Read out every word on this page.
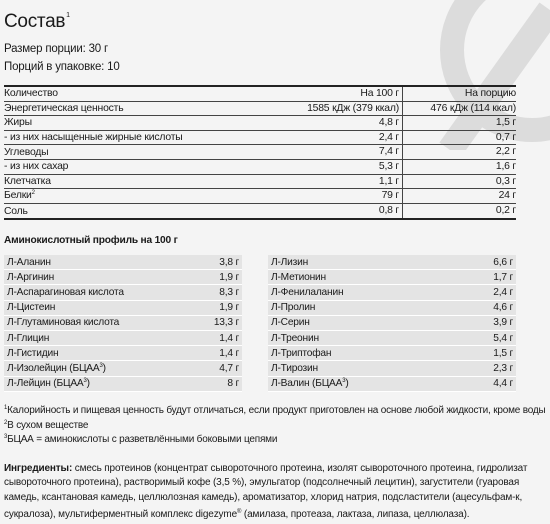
Состав$^1$
Размер порции: 30 г
Порций в упаковке: 10
Количество	На 100 г	На порцию
Энергетическая ценность	1585 кДж (379 ккал)	476 кДж (114 ккал)
Жиры	4,8 г	1,5 г
- из них насыщенные жирные кислоты	2,4 г	0,7 г
Углеводы	7,4 г	2,2 г
- из них сахар	5,3 г	1,6 г
Клетчатка	1,1 г	0,3 г
Белки$^2$	79 г	24 г
Соль	0,8 г	0,2 г
Аминокислотный профиль на 100 г
Л-Аланин	3,8 г
Л-Аргинин	1,9 г
Л-Аспарагиновая кислота	8,3 г
Л-Цистеин	1,9 г
Л-Глутаминовая кислота	13,3 г
Л-Глицин	1,4 г
Л-Гистидин	1,4 г
Л-Изолейцин (БЦАА$^3$)	4,7 г
Л-Лейцин (БЦАА$^3$)	8 г
Л-Лизин	6,6 г
Л-Метионин	1,7 г
Л-Фенилаланин	2,4 г
Л-Пролин	4,6 г
Л-Серин	3,9 г
Л-Треонин	5,4 г
Л-Триптофан	1,5 г
Л-Тирозин	2,3 г
Л-Валин (БЦАА$^3$)	4,4 г
$^1$Калорийность и пищевая ценность будут отличаться, если продукт приготовлен на основе любой жидкости, кроме воды
$^2$В сухом веществе
$^3$БЦАА = аминокислоты с разветвлёнными боковыми цепями
Ингредиенты: смесь протеинов (концентрат сывороточного протеина, изолят сывороточного протеина, гидролизат сывороточного протеина), растворимый кофе (3,5 %), эмульгатор (подсолнечный лецитин), загустители (гуаровая камедь, ксантановая камедь, целлюлозная камедь), ароматизатор, хлорид натрия, подсластители (ацесульфам-к, сукралоза), мультиферментный комплекс digezyme® (амилаза, протеаза, лактаза, липаза, целлюлаза).
